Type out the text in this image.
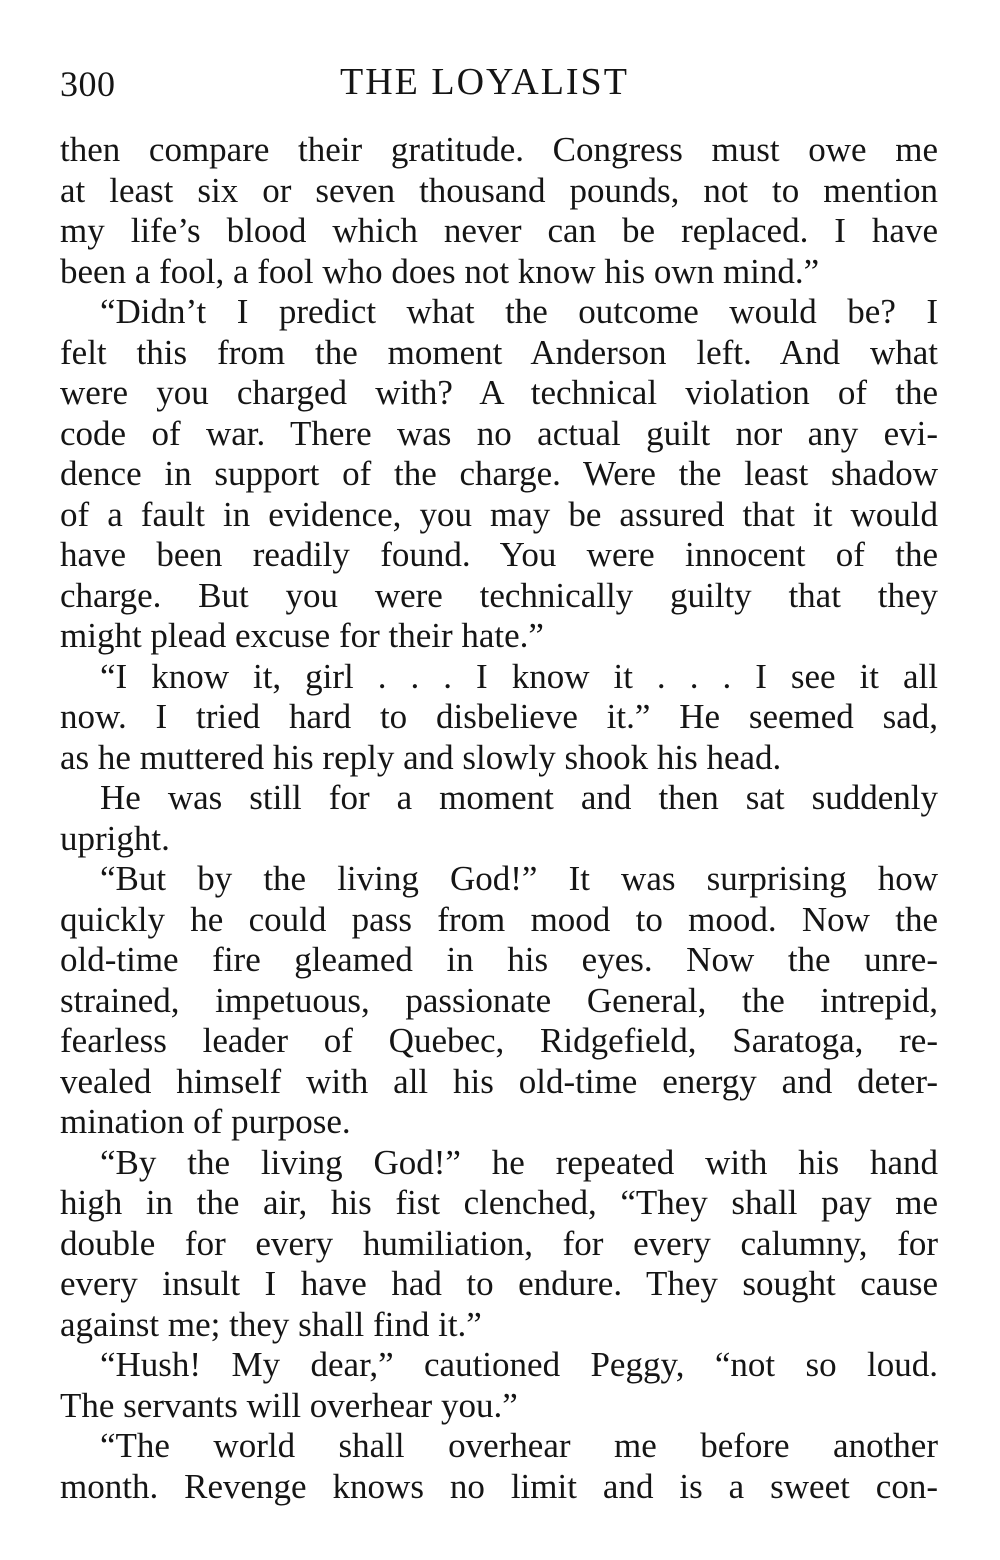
300	THE LOYALIST
then compare their gratitude. Congress must owe me
at least six or seven thousand pounds, not to mention
my life’s blood which never can be replaced. I have
been a fool, a fool who does not know his own mind.”
“Didn’t I predict what the outcome would be? I
felt this from the moment Anderson left. And what
were you charged with? A technical violation of the
code of war. There was no actual guilt nor any evi-
dence in support of the charge. Were the least shadow
of a fault in evidence, you may be assured that it would
have been readily found. You were innocent of the
charge. But you were technically guilty that they
might plead excuse for their hate.”
“I know it, girl . . . I know it . . . I see it all
now. I tried hard to disbelieve it.” He seemed sad,
as he muttered his reply and slowly shook his head.
He was still for a moment and then sat suddenly
upright.
“But by the living God!” It was surprising how
quickly he could pass from mood to mood. Now the
old-time fire gleamed in his eyes. Now the unre-
strained, impetuous, passionate General, the intrepid,
fearless leader of Quebec, Ridgefield, Saratoga, re-
vealed himself with all his old-time energy and deter-
mination of purpose.
“By the living God!” he repeated with his hand
high in the air, his fist clenched, “They shall pay me
double for every humiliation, for every calumny, for
every insult I have had to endure. They sought cause
against me; they shall find it.”
“Hush! My dear,” cautioned Peggy, “not so loud.
The servants will overhear you.”
“The world shall overhear me before another
month. Revenge knows no limit and is a sweet con-
